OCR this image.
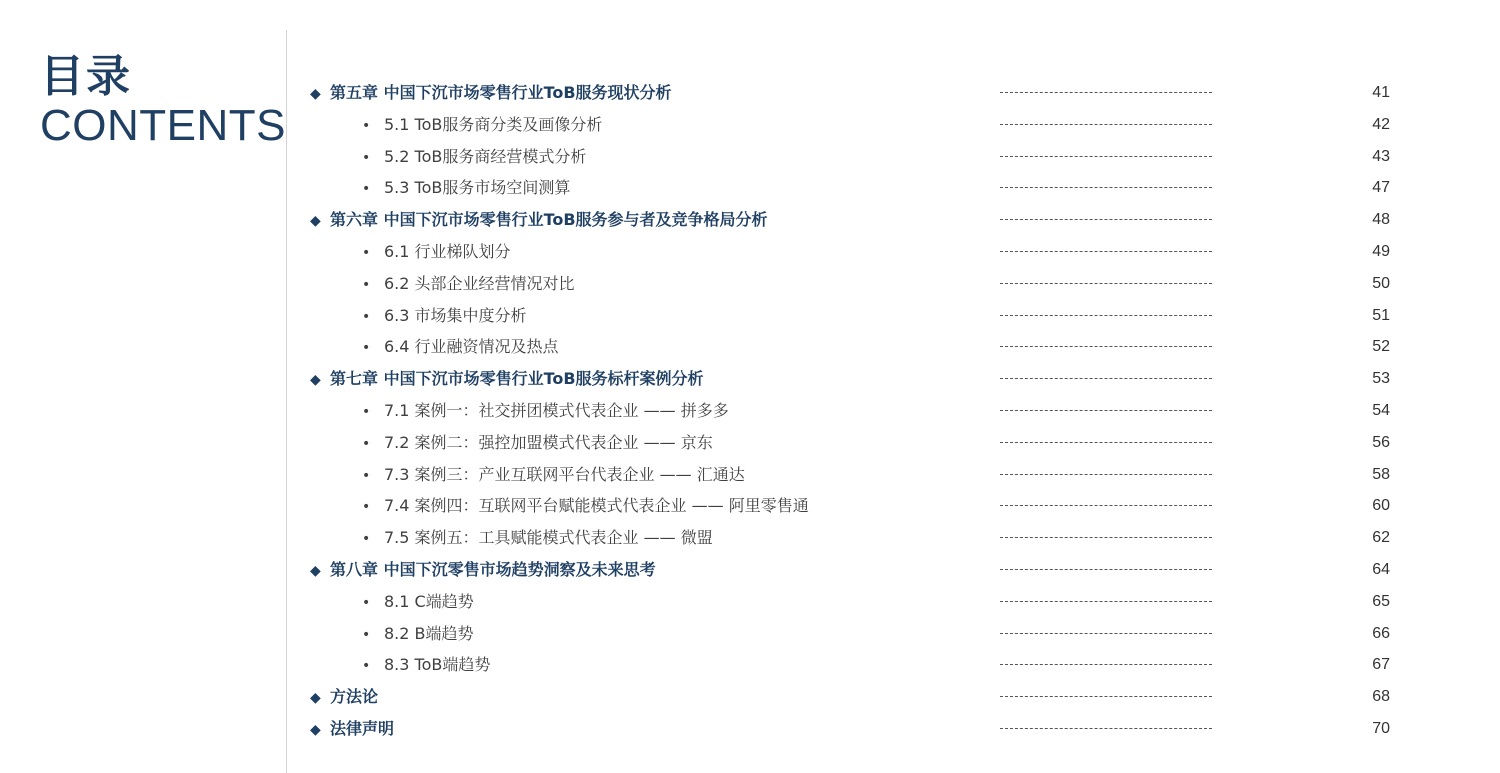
目录
CONTENTS
◆ 第五章 中国下沉市场零售行业ToB服务现状分析	41
• 5.1 ToB服务商分类及画像分析	42
• 5.2 ToB服务商经营模式分析	43
• 5.3 ToB服务市场空间测算	47
◆ 第六章 中国下沉市场零售行业ToB服务参与者及竞争格局分析	48
• 6.1 行业梯队划分	49
• 6.2 头部企业经营情况对比	50
• 6.3 市场集中度分析	51
• 6.4 行业融资情况及热点	52
◆ 第七章 中国下沉市场零售行业ToB服务标杆案例分析	53
• 7.1 案例一：社交拼团模式代表企业 —— 拼多多	54
• 7.2 案例二：强控加盟模式代表企业 —— 京东	56
• 7.3 案例三：产业互联网平台代表企业 —— 汇通达	58
• 7.4 案例四：互联网平台赋能模式代表企业 —— 阿里零售通	60
• 7.5 案例五：工具赋能模式代表企业 —— 微盟	62
◆ 第八章 中国下沉零售市场趋势洞察及未来思考	64
• 8.1 C端趋势	65
• 8.2 B端趋势	66
• 8.3 ToB端趋势	67
◆ 方法论	68
◆ 法律声明	70
